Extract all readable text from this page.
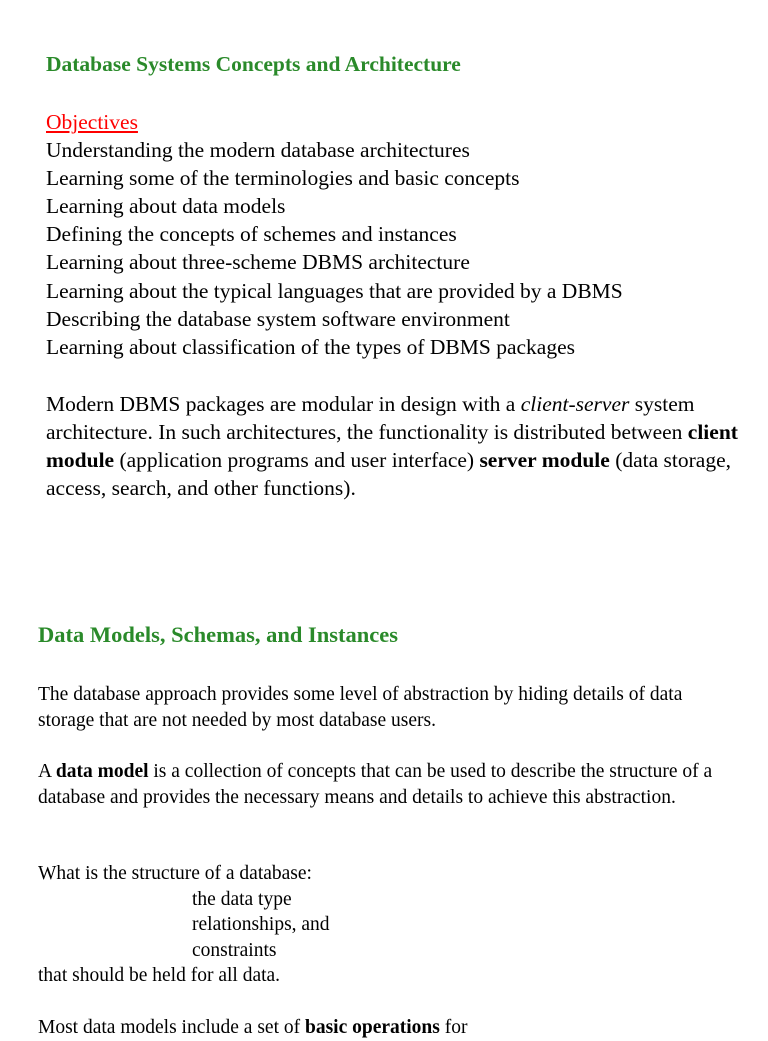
Database Systems Concepts and Architecture
Objectives
Understanding the modern database architectures
Learning some of the terminologies and basic concepts
Learning about data models
Defining the concepts of schemes and instances
Learning about three-scheme DBMS architecture
Learning about the typical languages that are provided by a DBMS
Describing the database system software environment
Learning about classification of the types of DBMS packages

Modern DBMS packages are modular in design with a client-server system architecture. In such architectures, the functionality is distributed between client module (application programs and user interface) server module (data storage, access, search, and other functions).

Data Models, Schemas, and Instances

The database approach provides some level of abstraction by hiding details of data storage that are not needed by most database users.

A data model is a collection of concepts that can be used to describe the structure of a database and provides the necessary means and details to achieve this abstraction.

What is the structure of a database:
the data type
relationships, and
constraints
that should be held for all data.

Most data models include a set of basic operations for
